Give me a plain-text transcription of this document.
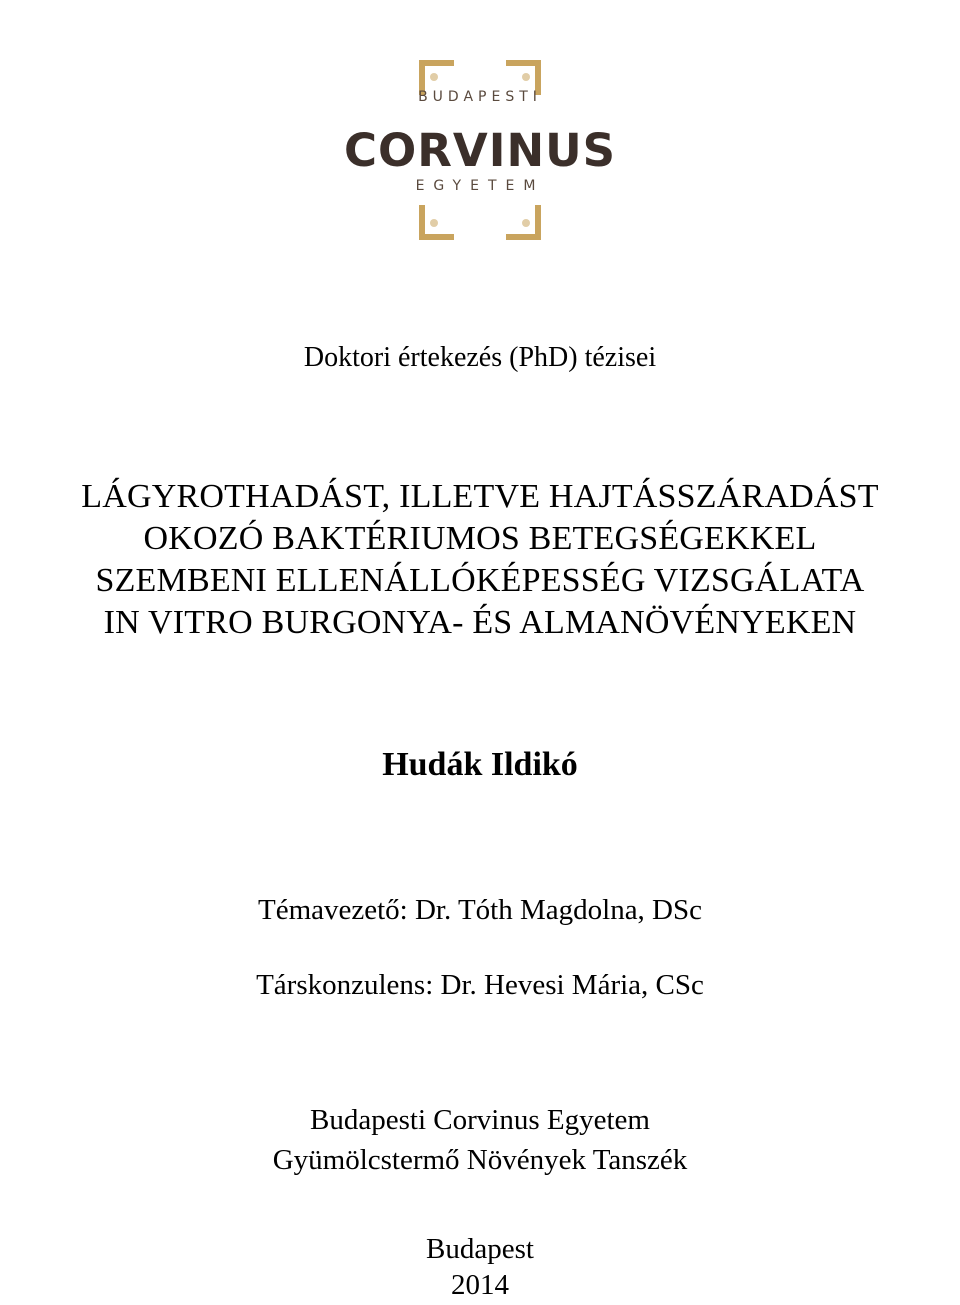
BUDAPESTI
CORVINUS
EGYETEM
Doktori értekezés (PhD) tézisei
LÁGYROTHADÁST, ILLETVE HAJTÁSSZÁRADÁST
OKOZÓ BAKTÉRIUMOS BETEGSÉGEKKEL
SZEMBENI ELLENÁLLÓKÉPESSÉG VIZSGÁLATA
IN VITRO BURGONYA- ÉS ALMANÖVÉNYEKEN
Hudák Ildikó
Témavezető: Dr. Tóth Magdolna, DSc
Társkonzulens: Dr. Hevesi Mária, CSc
Budapesti Corvinus Egyetem
Gyümölcstermő Növények Tanszék
Budapest
2014
